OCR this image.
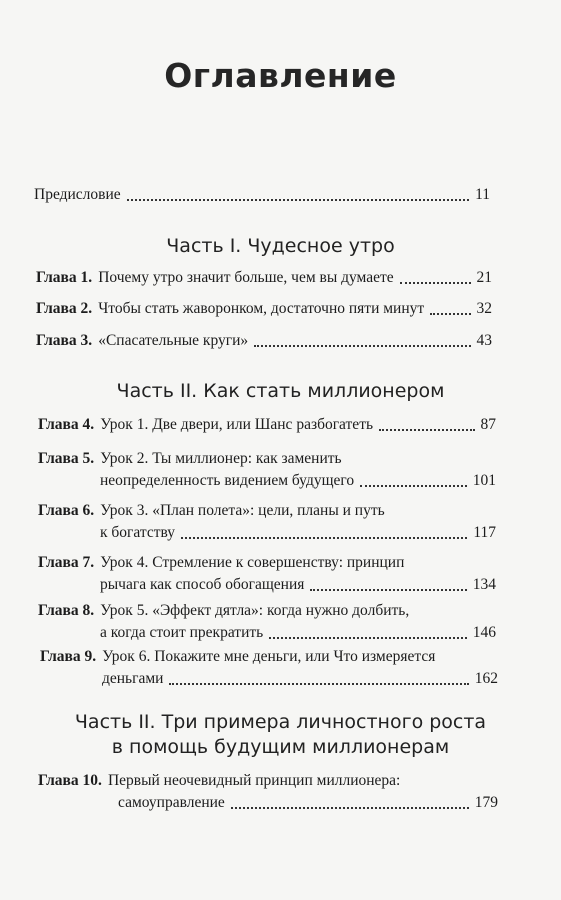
Оглавление
Предисловие	11
Часть I. Чудесное утро
Глава 1. Почему утро значит больше, чем вы думаете	21
Глава 2. Чтобы стать жаворонком, достаточно пяти минут	32
Глава 3. «Спасательные круги»	43
Часть II. Как стать миллионером
Глава 4. Урок 1. Две двери, или Шанс разбогатеть	87
Глава 5. Урок 2. Ты миллионер: как заменить
неопределенность видением будущего	101
Глава 6. Урок 3. «План полета»: цели, планы и путь
к богатству	117
Глава 7. Урок 4. Стремление к совершенству: принцип
рычага как способ обогащения	134
Глава 8. Урок 5. «Эффект дятла»: когда нужно долбить,
а когда стоит прекратить	146
Глава 9. Урок 6. Покажите мне деньги, или Что измеряется
деньгами	162
Часть II. Три примера личностного роста
в помощь будущим миллионерам
Глава 10. Первый неочевидный принцип миллионера:
самоуправление	179
